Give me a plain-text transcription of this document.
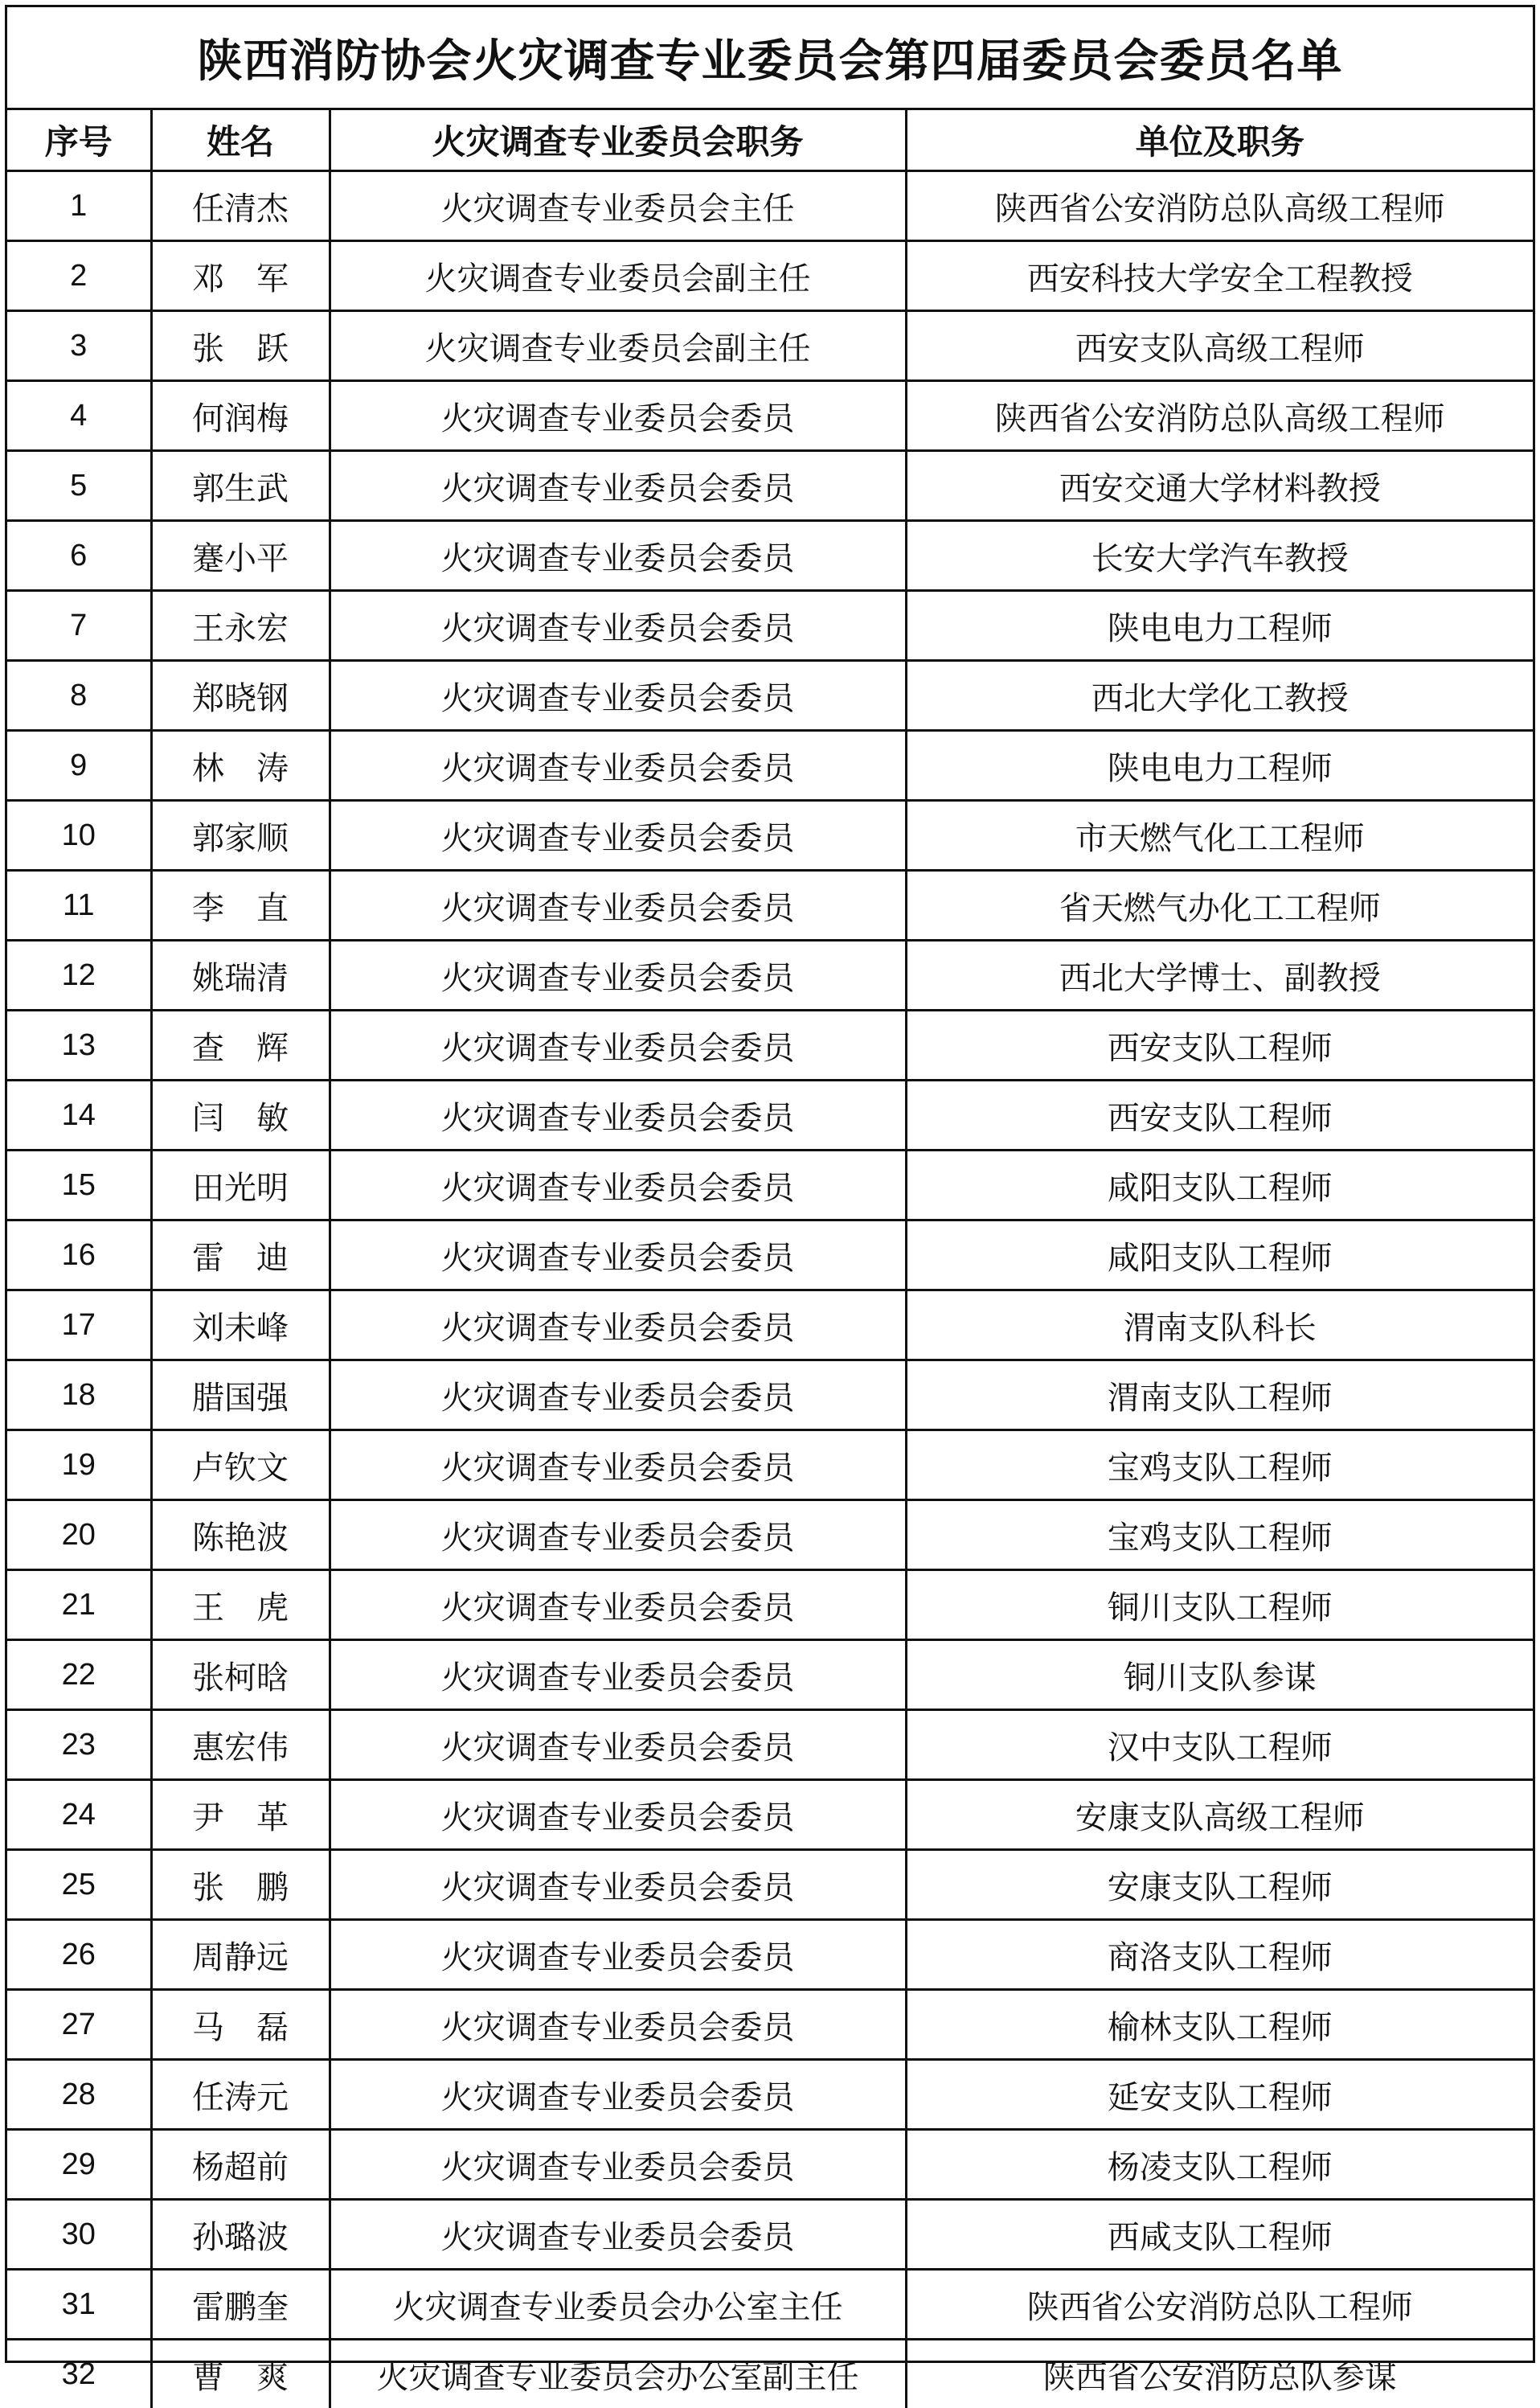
陕西消防协会火灾调查专业委员会第四届委员会委员名单
序号	姓名	火灾调查专业委员会职务	单位及职务
1	任清杰	火灾调查专业委员会主任	陕西省公安消防总队高级工程师
2	邓　军	火灾调查专业委员会副主任	西安科技大学安全工程教授
3	张　跃	火灾调查专业委员会副主任	西安支队高级工程师
4	何润梅	火灾调查专业委员会委员	陕西省公安消防总队高级工程师
5	郭生武	火灾调查专业委员会委员	西安交通大学材料教授
6	蹇小平	火灾调查专业委员会委员	长安大学汽车教授
7	王永宏	火灾调查专业委员会委员	陕电电力工程师
8	郑晓钢	火灾调查专业委员会委员	西北大学化工教授
9	林　涛	火灾调查专业委员会委员	陕电电力工程师
10	郭家顺	火灾调查专业委员会委员	市天燃气化工工程师
11	李　直	火灾调查专业委员会委员	省天燃气办化工工程师
12	姚瑞清	火灾调查专业委员会委员	西北大学博士、副教授
13	查　辉	火灾调查专业委员会委员	西安支队工程师
14	闫　敏	火灾调查专业委员会委员	西安支队工程师
15	田光明	火灾调查专业委员会委员	咸阳支队工程师
16	雷　迪	火灾调查专业委员会委员	咸阳支队工程师
17	刘未峰	火灾调查专业委员会委员	渭南支队科长
18	腊国强	火灾调查专业委员会委员	渭南支队工程师
19	卢钦文	火灾调查专业委员会委员	宝鸡支队工程师
20	陈艳波	火灾调查专业委员会委员	宝鸡支队工程师
21	王　虎	火灾调查专业委员会委员	铜川支队工程师
22	张柯晗	火灾调查专业委员会委员	铜川支队参谋
23	惠宏伟	火灾调查专业委员会委员	汉中支队工程师
24	尹　革	火灾调查专业委员会委员	安康支队高级工程师
25	张　鹏	火灾调查专业委员会委员	安康支队工程师
26	周静远	火灾调查专业委员会委员	商洛支队工程师
27	马　磊	火灾调查专业委员会委员	榆林支队工程师
28	任涛元	火灾调查专业委员会委员	延安支队工程师
29	杨超前	火灾调查专业委员会委员	杨凌支队工程师
30	孙璐波	火灾调查专业委员会委员	西咸支队工程师
31	雷鹏奎	火灾调查专业委员会办公室主任	陕西省公安消防总队工程师
32	曹　爽	火灾调查专业委员会办公室副主任	陕西省公安消防总队参谋
